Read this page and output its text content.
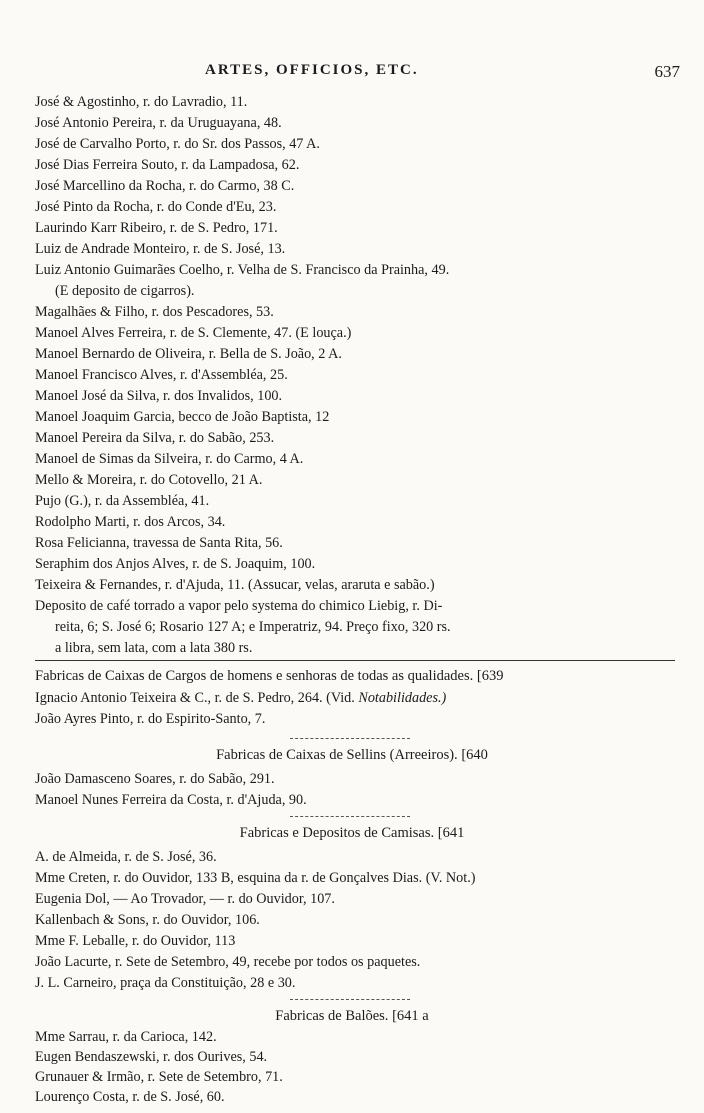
ARTES, OFFICIOS, ETC.	637
José & Agostinho, r. do Lavradio, 11.
José Antonio Pereira, r. da Uruguayana, 48.
José de Carvalho Porto, r. do Sr. dos Passos, 47 A.
José Dias Ferreira Souto, r. da Lampadosa, 62.
José Marcellino da Rocha, r. do Carmo, 38 C.
José Pinto da Rocha, r. do Conde d'Eu, 23.
Laurindo Karr Ribeiro, r. de S. Pedro, 171.
Luiz de Andrade Monteiro, r. de S. José, 13.
Luiz Antonio Guimarães Coelho, r. Velha de S. Francisco da Prainha, 49.
(E deposito de cigarros).
Magalhães & Filho, r. dos Pescadores, 53.
Manoel Alves Ferreira, r. de S. Clemente, 47. (E louça.)
Manoel Bernardo de Oliveira, r. Bella de S. João, 2 A.
Manoel Francisco Alves, r. d'Assembléa, 25.
Manoel José da Silva, r. dos Invalidos, 100.
Manoel Joaquim Garcia, becco de João Baptista, 12
Manoel Pereira da Silva, r. do Sabão, 253.
Manoel de Simas da Silveira, r. do Carmo, 4 A.
Mello & Moreira, r. do Cotovello, 21 A.
Pujo (G.), r. da Assembléa, 41.
Rodolpho Marti, r. dos Arcos, 34.
Rosa Felicianna, travessa de Santa Rita, 56.
Seraphim dos Anjos Alves, r. de S. Joaquim, 100.
Teixeira & Fernandes, r. d'Ajuda, 11. (Assucar, velas, araruta e sabão.)
Deposito de café torrado a vapor pelo systema do chimico Liebig, r. Di-
reita, 6; S. José 6; Rosario 127 A; e Imperatriz, 94. Preço fixo, 320 rs.
a libra, sem lata, com a lata 380 rs.
Fabricas de Caixas de Cargos de homens e senhoras de todas as qualidades. [639
Ignacio Antonio Teixeira & C., r. de S. Pedro, 264. (Vid. Notabilidades.)
João Ayres Pinto, r. do Espirito-Santo, 7.
Fabricas de Caixas de Sellins (Arreeiros). [640
João Damasceno Soares, r. do Sabão, 291.
Manoel Nunes Ferreira da Costa, r. d'Ajuda, 90.
Fabricas e Depositos de Camisas. [641
A. de Almeida, r. de S. José, 36.
Mme Creten, r. do Ouvidor, 133 B, esquina da r. de Gonçalves Dias. (V. Not.)
Eugenia Dol, — Ao Trovador, — r. do Ouvidor, 107.
Kallenbach & Sons, r. do Ouvidor, 106.
Mme F. Leballe, r. do Ouvidor, 113
João Lacurte, r. Sete de Setembro, 49, recebe por todos os paquetes.
J. L. Carneiro, praça da Constituição, 28 e 30.
Fabricas de Balões. [641 a
Mme Sarrau, r. da Carioca, 142.
Eugen Bendaszewski, r. dos Ourives, 54.
Grunauer & Irmão, r. Sete de Setembro, 71.
Lourenço Costa, r. de S. José, 60.
